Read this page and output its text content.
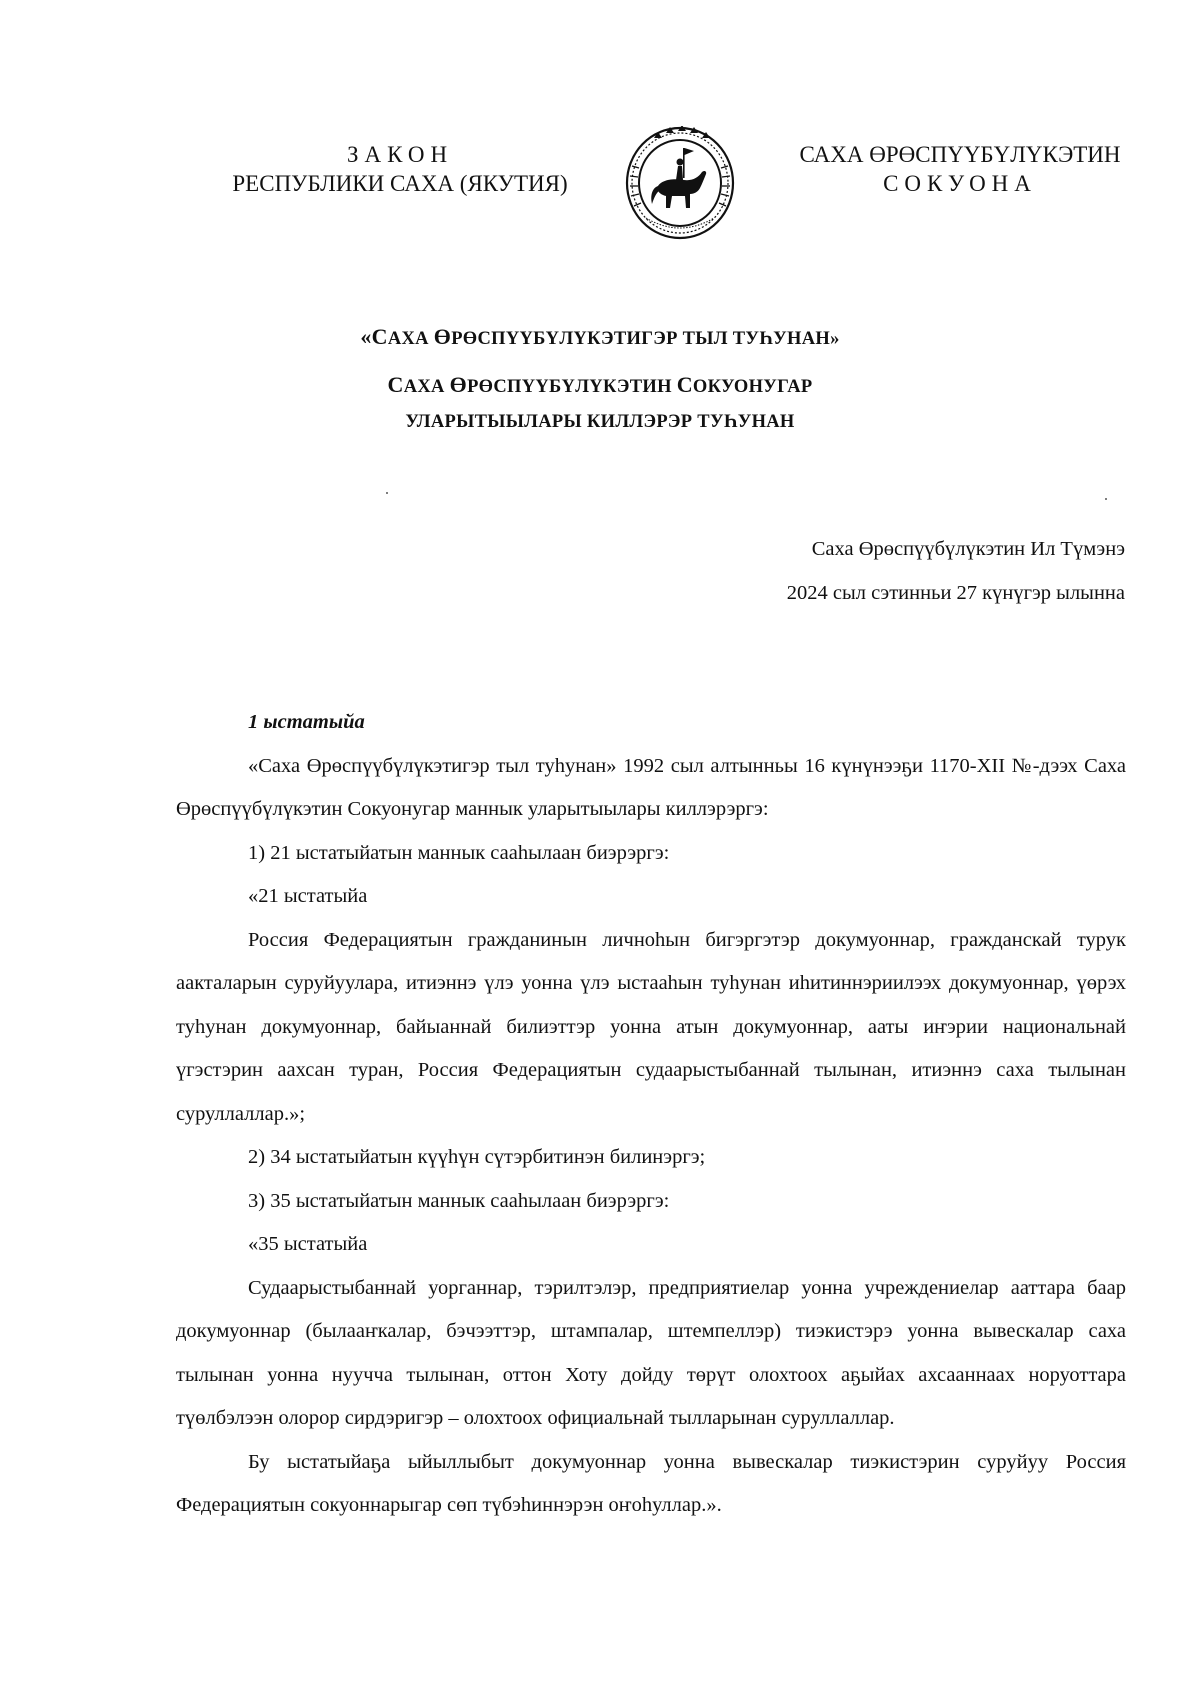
ЗАКОН
РЕСПУБЛИКИ САХА (ЯКУТИЯ)
САХА ӨРӨСПҮҮБҮЛҮКЭТИН
СОКУОНА
«САХА ӨРӨСПҮҮБҮЛҮКЭТИГЭР ТЫЛ ТУҺУНАН»
САХА ӨРӨСПҮҮБҮЛҮКЭТИН СОКУОНУГАР
УЛАРЫТЫЫЛАРЫ КИЛЛЭРЭР ТУҺУНАН
Саха Өрөспүүбүлүкэтин Ил Түмэнэ
2024 сыл сэтинньи 27 күнүгэр ылынна

1 ыстатыйа

«Саха Өрөспүүбүлүкэтигэр тыл туһунан» 1992 сыл алтынньы 16 күнүнээҕи 1170-XII №-дээх Саха Өрөспүүбүлүкэтин Сокуонугар маннык уларытыылары киллэрэргэ:

1) 21 ыстатыйатын маннык сааһылаан биэрэргэ:

«21 ыстатыйа

Россия Федерациятын гражданинын личноһын бигэргэтэр докумуоннар, гражданскай турук аакталарын суруйуулара, итиэннэ үлэ уонна үлэ ыстааһын туһунан иһитиннэриилээх докумуоннар, үөрэх туһунан докумуоннар, байыаннай билиэттэр уонна атын докумуоннар, ааты иҥэрии национальнай үгэстэрин аахсан туран, Россия Федерациятын судаарыстыбаннай тылынан, итиэннэ саха тылынан суруллаллар.»;

2) 34 ыстатыйатын күүһүн сүтэрбитинэн билинэргэ;

3) 35 ыстатыйатын маннык сааһылаан биэрэргэ:

«35 ыстатыйа

Судаарыстыбаннай уорганнар, тэрилтэлэр, предприятиелар уонна учреждениелар ааттара баар докумуоннар (былааҥкалар, бэчээттэр, штампалар, штемпеллэр) тиэкистэрэ уонна вывескалар саха тылынан уонна нуучча тылынан, оттон Хоту дойду төрүт олохтоох аҕыйах ахсааннаах норуоттара түөлбэлээн олорор сирдэригэр – олохтоох официальнай тылларынан суруллаллар.

Бу ыстатыйаҕа ыйыллыбыт докумуоннар уонна вывескалар тиэкистэрин суруйуу Россия Федерациятын сокуоннарыгар сөп түбэһиннэрэн оҥоһуллар.».
